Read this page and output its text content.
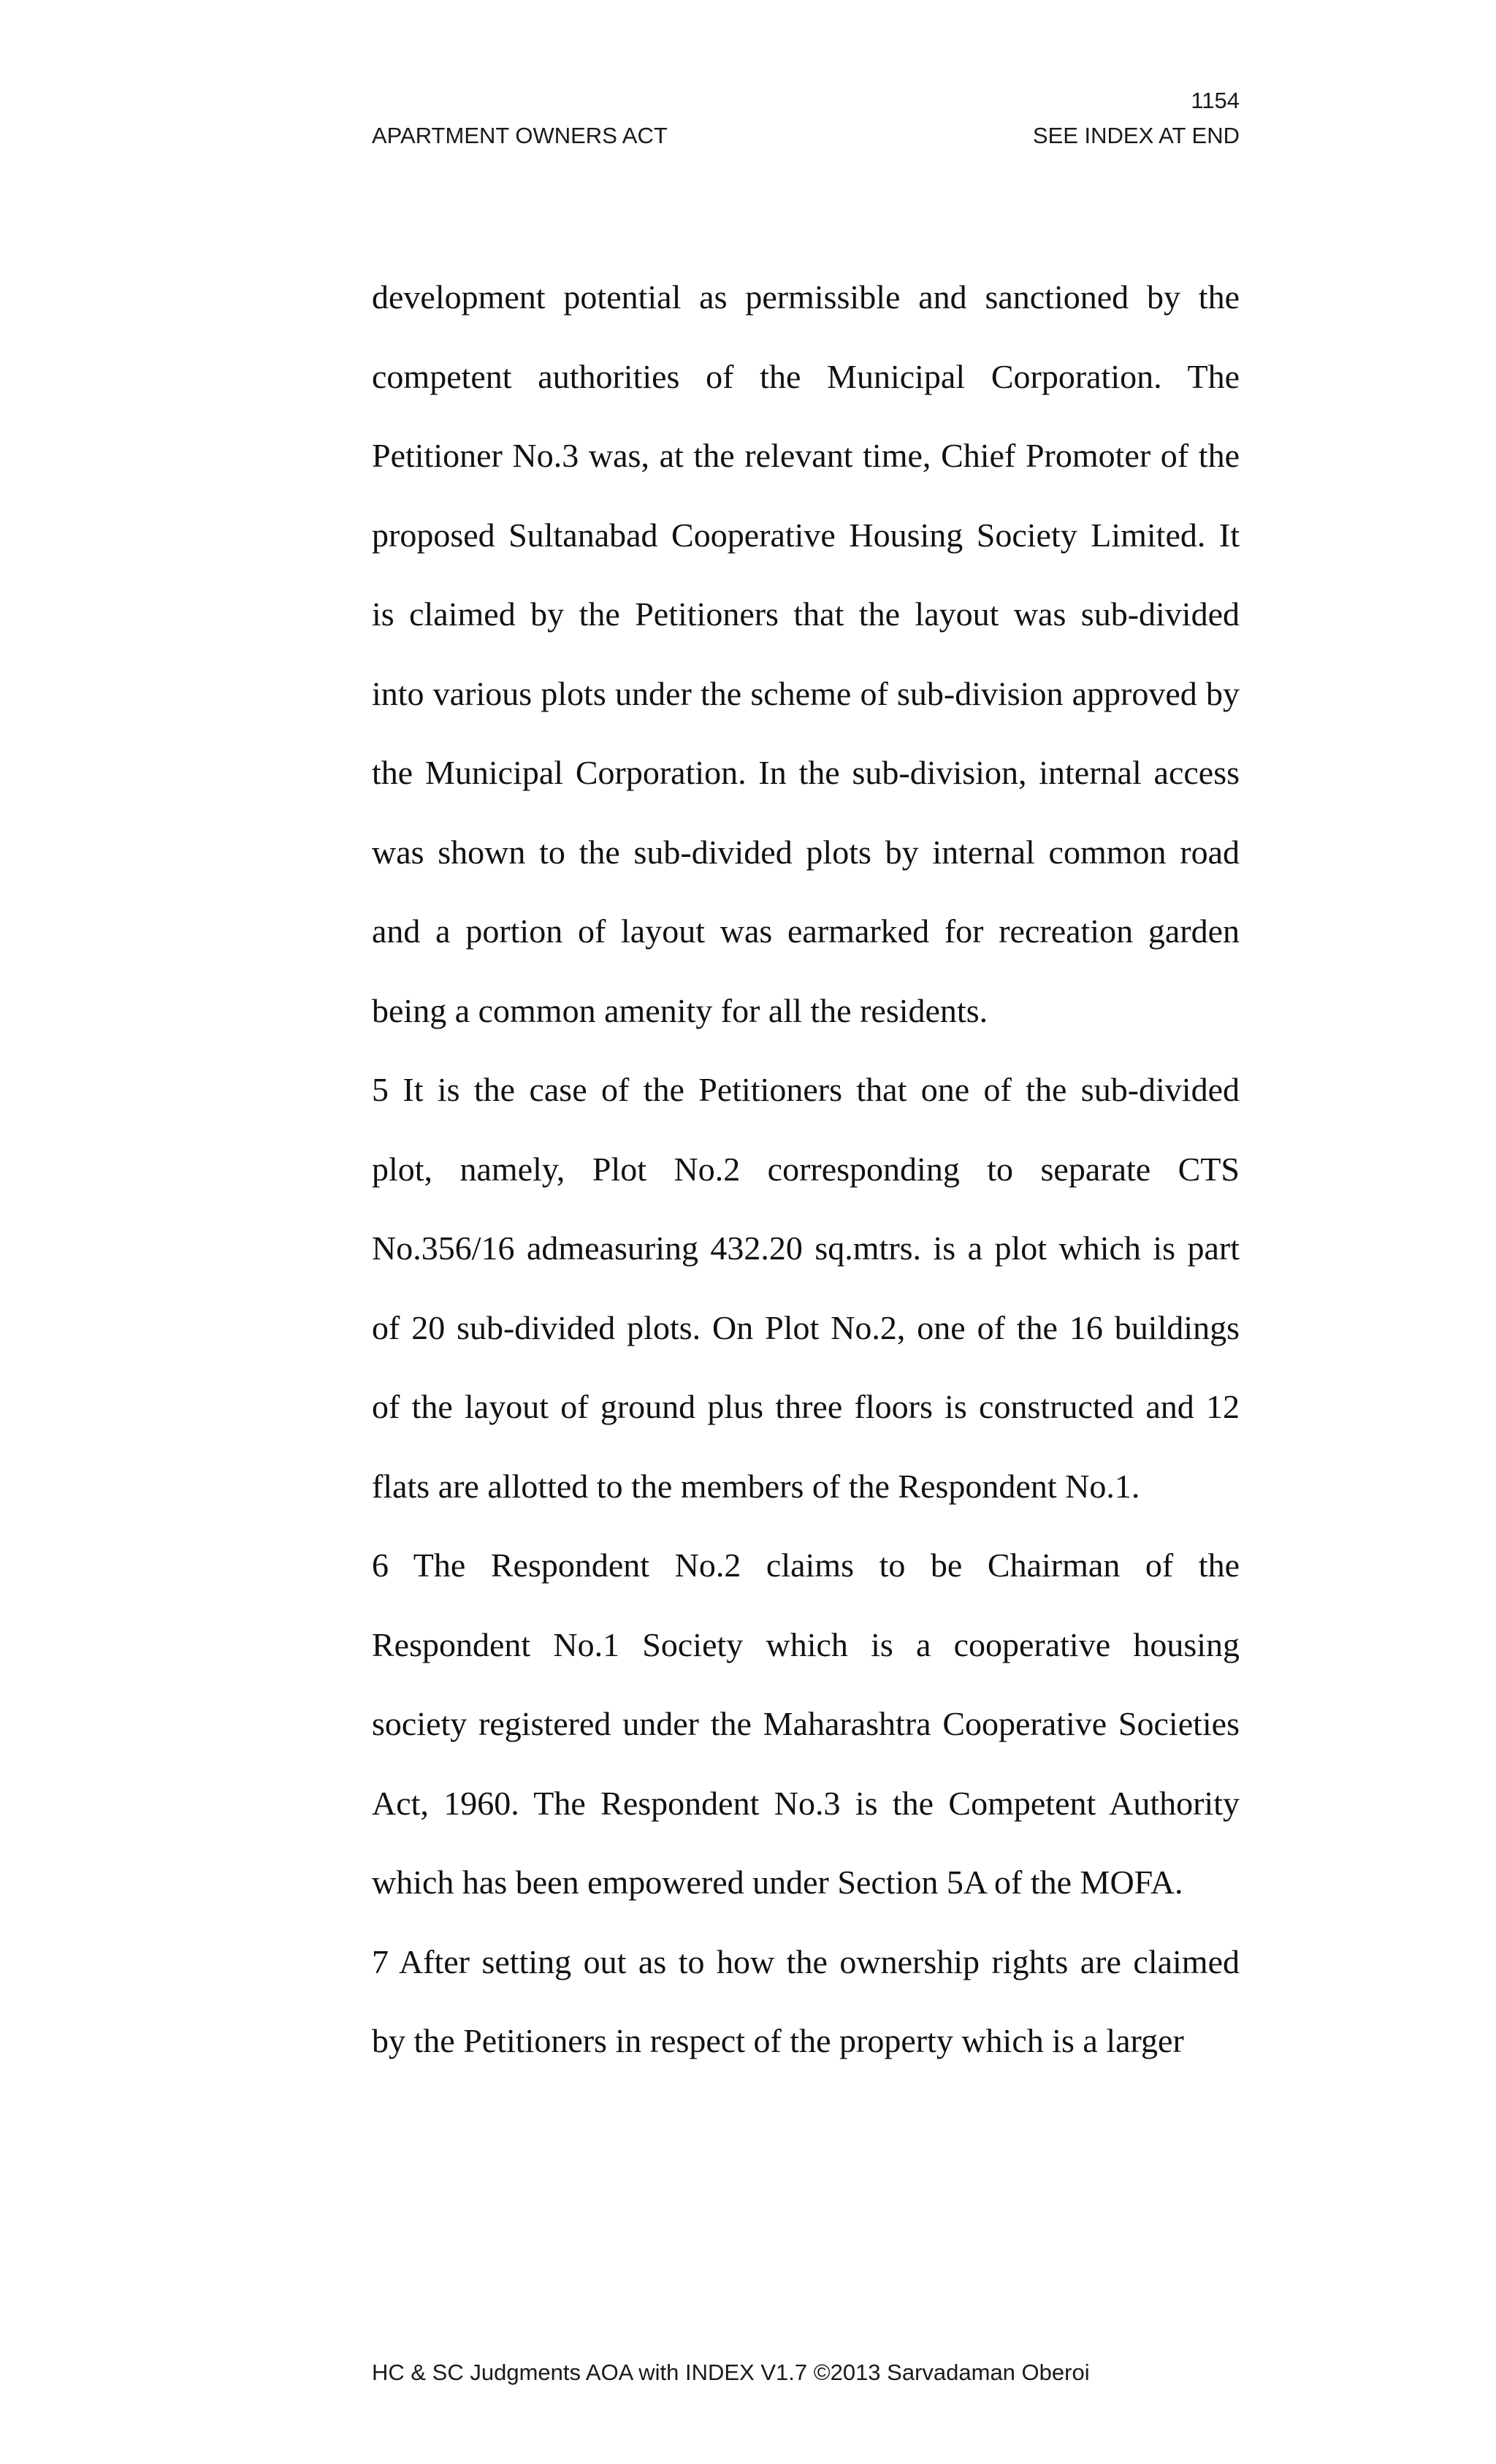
1154
APARTMENT OWNERS ACT	SEE INDEX AT END

development potential as permissible and sanctioned by the competent authorities of the Municipal Corporation. The Petitioner No.3 was, at the relevant time, Chief Promoter of the proposed Sultanabad Cooperative Housing Society Limited. It is claimed by the Petitioners that the layout was sub-divided into various plots under the scheme of sub-division approved by the Municipal Corporation. In the sub-division, internal access was shown to the sub-divided plots by internal common road and a portion of layout was earmarked for recreation garden being a common amenity for all the residents.

5 It is the case of the Petitioners that one of the sub-divided plot, namely, Plot No.2 corresponding to separate CTS No.356/16 admeasuring 432.20 sq.mtrs. is a plot which is part of 20 sub-divided plots. On Plot No.2, one of the 16 buildings of the layout of ground plus three floors is constructed and 12 flats are allotted to the members of the Respondent No.1.

6 The Respondent No.2 claims to be Chairman of the Respondent No.1 Society which is a cooperative housing society registered under the Maharashtra Cooperative Societies Act, 1960. The Respondent No.3 is the Competent Authority which has been empowered under Section 5A of the MOFA.

7 After setting out as to how the ownership rights are claimed by the Petitioners in respect of the property which is a larger

HC & SC Judgments AOA with INDEX V1.7 ©2013 Sarvadaman Oberoi
